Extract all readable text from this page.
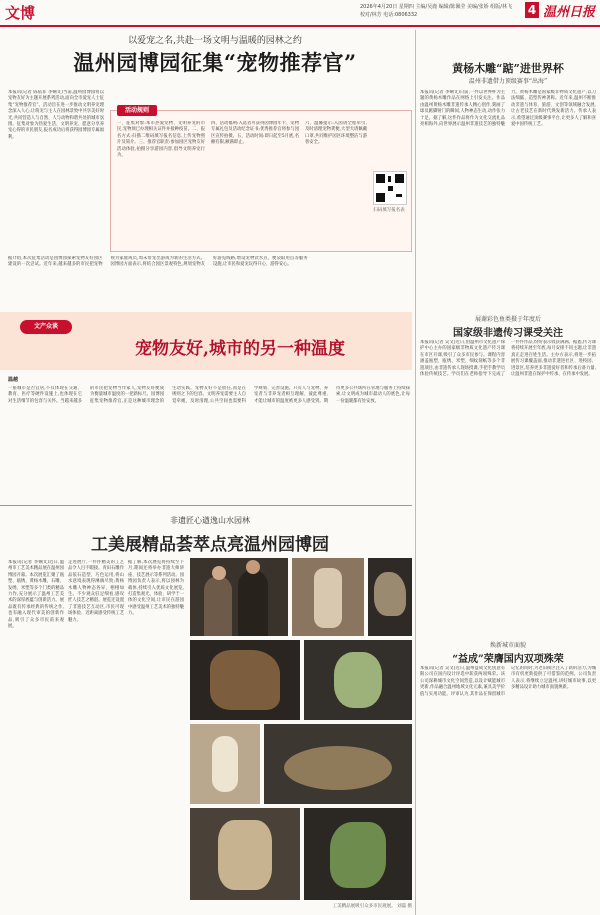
文博	2026年4月20日 星期四 主编/吴鹿 编辑/陈佩莹 美编/张娇 组版/林飞
校对/林芳 电话:0806332	4 温州日报
以爱宠之名,共赴一场文明与温暖的园林之约
温州园博园征集“宠物推荐官”
本报讯(记者 陈依菲 李娴文)当前,温州园博园将以宠物友好为主题开展系列活动,面向全市爱宠人士征集“宠物推荐官”。活动旨在进一步推动文明养宠理念深入人心,让萌宠与主人在园林景致中共享美好时光,共同营造人与自然、人与动物和谐共处的城市氛围。征集对象为热爱生活、文明养宠、愿意分享养宠心得的市民朋友,报名成功后将获得园博园专属福利。
活动规则
一、征集对象:本市热爱宠物、文明养宠的市民,宠物须已办理相关证件并接种疫苗。二、报名方式:扫描二维码填写报名信息,上传宠物照片及简介。三、推荐官职责:参加园区宠物友好活动体验,拍摄分享游园内容,倡导文明养宠行为。
四、活动福利:入选者可获得园博园年卡、宠物专属礼包及活动纪念证书;优秀推荐官将参与园区宣传拍摄。五、活动时间:即日起至5月底,名额有限,额满即止。
六、温馨提示:入园请全程牵引,及时清理宠物粪便,大型犬请佩戴口罩,共同维护园区环境整洁与游客安全。
扫码填写报名表
据介绍,本次征集活动是园博园探索宠物友好园区建设的一次尝试。近年来,越来越多的市民把宠物视为家庭成员,周末带宠出游成为新的生活方式。园博园方面表示,将结合园区景观特色,规划宠物友好游览线路,增设宠物饮水点、便袋取用点等服务设施,让市民和爱宠玩得开心、游得安心。
黄杨木雕“踮”进世界杯
温州非遗借力顶级赛事“出海”
本报讯(记者 李娴文)日前,一件以世界杯为主题的黄杨木雕作品在网络上引发关注。作品由温州黄杨木雕非遗传承人精心创作,刻画了球员踮脚射门的瞬间,人物神态生动,动作张力十足。据了解,这件作品将作为文化交流礼品亮相海外,向世界展示温州非遗技艺的独特魅力。黄杨木雕是国家级非物质文化遗产,以刀法细腻、造型传神著称。近年来,温州不断推动非遗与体育、旅游、文创等领域融合发展,让古老技艺在新时代焕发新活力。传承人表示,希望通过顶级赛事平台,让更多人了解和喜爱中国传统工艺。
文产众谈
宠物友好,城市的另一种温度
温越
一座城市是否宜居,不仅体现在交通、教育、医疗等硬件设施上,也体现在它对生活细节的包容与关怀。当越来越多的市民把宠物当作家人,宠物友好便成为衡量城市温度的一把新标尺。园博园征集宠物推荐官,正是这种城市理念的生动实践。宠物友好不是放任,而是在规则之下的包容。文明养宠需要主人自觉牵绳、及时清理,公共空间也需要科学规划、完善设施。只有人与宠物、养宠者与非养宠者相互理解、彼此尊重,才能让城市的温度被更多人感受到。期待更多公共场所在管理与服务上持续探索,让文明成为城市最动人的底色,让每一份温暖都有处安放。
展谢彩色鱼类摄于年度后
国家级非遗传习课受关注
本报讯(记者 吴文)近日,由温州市文化遗产保护中心主办的国家级非物质文化遗产传习课在市区开课,吸引了众多市民参与。课程内容涵盖瓯塑、瓯绣、米塑、细纹刻纸等多个非遗项目,由非遗传承人现场授课,手把手教学员体验传统技艺。学员们在老师指导下完成了一件件作品,纷纷表示收获满满。据悉,传习课将持续开展至年底,每月安排不同主题,让非遗真正走进百姓生活。主办方表示,将进一步拓展传习课覆盖面,推动非遗进社区、进校园、进景区,培养更多非遗爱好者和传承后备力量,让温州非遗在保护中传承、在传承中发展。
焕新城市面貌
“益成”荣膺国内双项殊荣
本报讯(记者 吴文)近日,温州益成文化创意有限公司在国内设计评选中斩获两项殊荣。该公司深耕城市文化空间营造,以设计赋能城市更新,作品融合温州地域文化元素,兼具美学价值与实用功能。评审认为,其作品在保留城市记忆的同时,为老旧街区注入了新的活力,为城市有机更新提供了可借鉴的范例。公司负责人表示,将继续立足温州,讲好城市故事,以更多精品设计助力城市面貌焕新。
非遗匠心遒逸山水园林
工美展精品荟萃点亮温州园博园
本报讯(记者 李娴文)近日,温州市工艺美术精品展在温州园博园开幕。本次展览汇聚了瓯塑、瓯绣、黄杨木雕、石雕、发绣、米塑等多个门类的精品力作,充分展示了温州工艺美术的深厚底蕴与创新活力。展品既有传承经典的传统之作,也有融入现代审美的创新作品,吸引了众多市民前来观展。
走进展厅,一件件精美的工艺品令人目不暇接。青田石雕作品依石造型、巧色运用,将山水意境表现得淋漓尽致;黄杨木雕人物神态各异、栩栩如生。不少观众驻足细看,感叹匠人技艺之精湛。展览还设置了非遗技艺互动区,市民可现场体验、近距离感受传统工艺魅力。
据了解,本次展览将持续至下月,期间还将举办非遗大师讲座、技艺展示等系列活动。园博园负责人表示,将以园林为载体,持续引入优质文化展览,打造集观光、体验、研学于一体的文化空间,让市民在游园中感受温州工艺美术的独特魅力。
工美精品展吸引众多市民观展。 刘磊 摄
